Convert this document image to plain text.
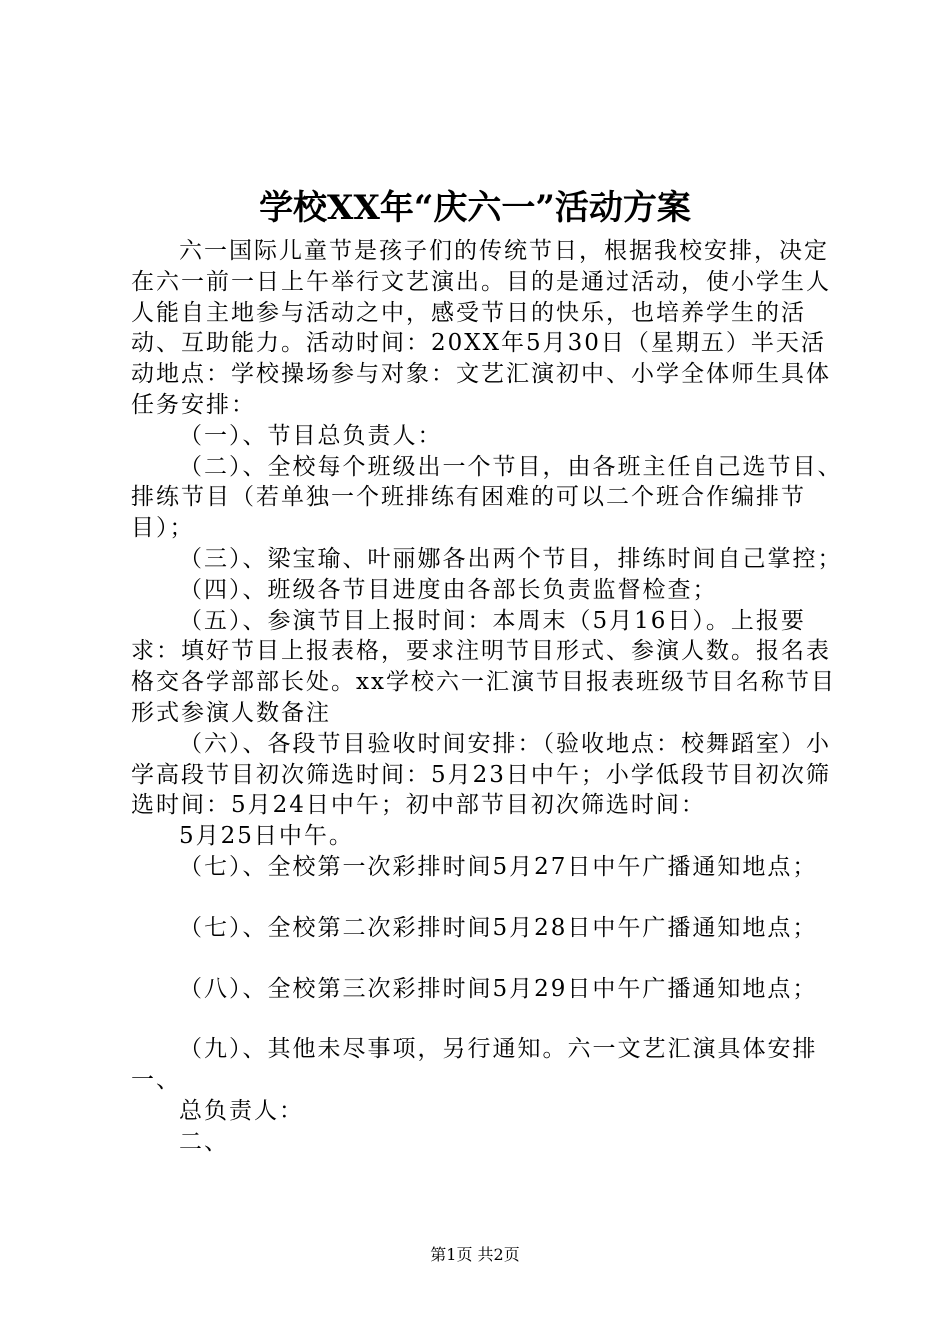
学校XX年“庆六一”活动方案

六一国际儿童节是孩子们的传统节日，根据我校安排，决定在六一前一日上午举行文艺演出。目的是通过活动，使小学生人人能自主地参与活动之中，感受节日的快乐，也培养学生的活动、互助能力。活动时间：20XX年5月30日（星期五）半天活动地点：学校操场参与对象：文艺汇演初中、小学全体师生具体任务安排：

（一）、节目总负责人：

（二）、全校每个班级出一个节目，由各班主任自己选节目、排练节目（若单独一个班排练有困难的可以二个班合作编排节目）；

（三）、梁宝瑜、叶丽娜各出两个节目，排练时间自己掌控；

（四）、班级各节目进度由各部长负责监督检查；

（五）、参演节目上报时间：本周末（5月16日）。上报要求：填好节目上报表格，要求注明节目形式、参演人数。报名表格交各学部部长处。xx学校六一汇演节目报表班级节目名称节目形式参演人数备注

（六）、各段节目验收时间安排：（验收地点：校舞蹈室）小学高段节目初次筛选时间：5月23日中午；小学低段节目初次筛选时间：5月24日中午；初中部节目初次筛选时间：

5月25日中午。

（七）、全校第一次彩排时间5月27日中午广播通知地点；

（七）、全校第二次彩排时间5月28日中午广播通知地点；

（八）、全校第三次彩排时间5月29日中午广播通知地点；

（九）、其他未尽事项，另行通知。六一文艺汇演具体安排一、

总负责人：

二、

第1页 共2页
